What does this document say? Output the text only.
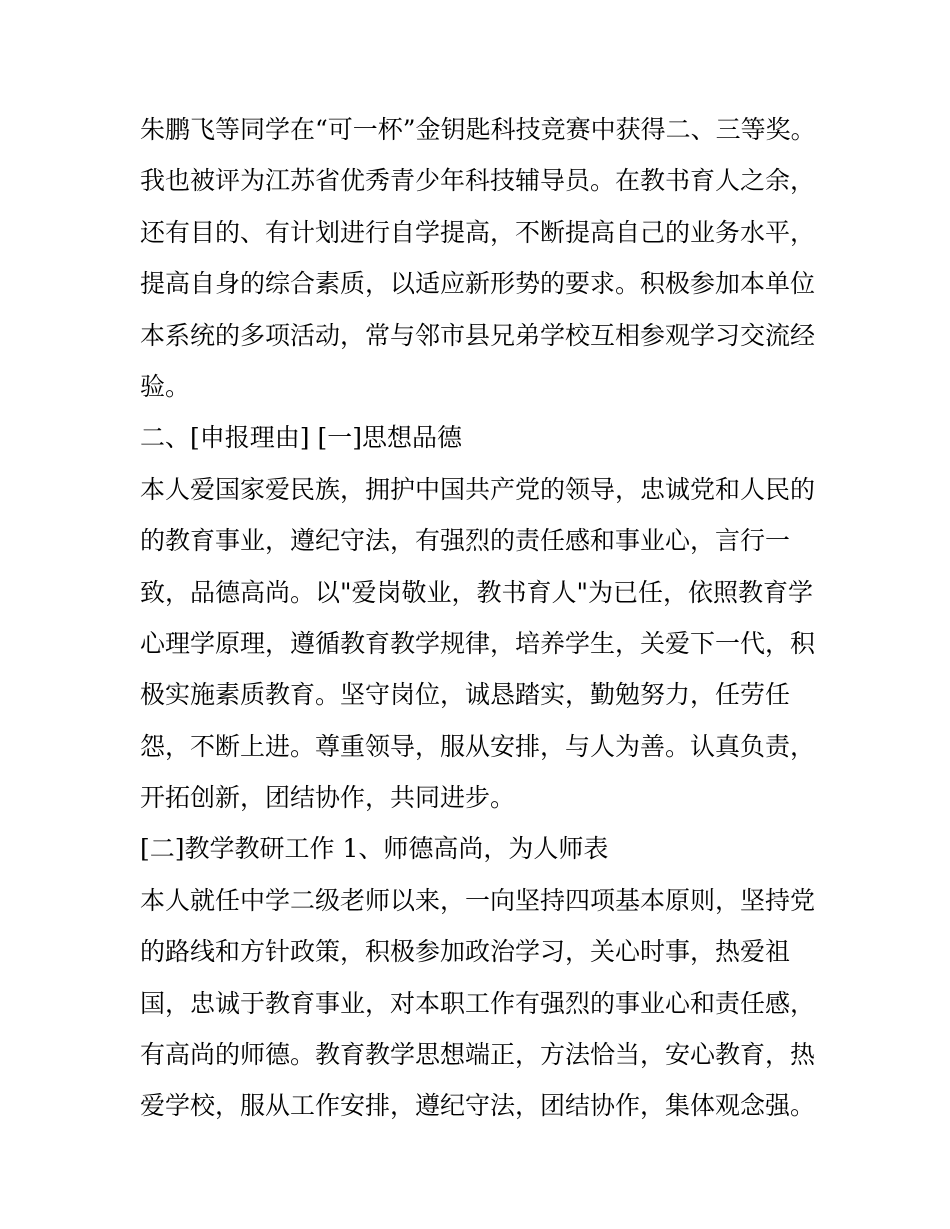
朱鹏飞等同学在“可一杯”金钥匙科技竞赛中获得二、三等奖。
我也被评为江苏省优秀青少年科技辅导员。在教书育人之余，
还有目的、有计划进行自学提高，不断提高自己的业务水平，
提高自身的综合素质，以适应新形势的要求。积极参加本单位
本系统的多项活动，常与邻市县兄弟学校互相参观学习交流经
验。
二、[申报理由] [一]思想品德
本人爱国家爱民族，拥护中国共产党的领导，忠诚党和人民的
的教育事业，遵纪守法，有强烈的责任感和事业心，言行一
致，品德高尚。以"爱岗敬业，教书育人"为已任，依照教育学
心理学原理，遵循教育教学规律，培养学生，关爱下一代，积
极实施素质教育。坚守岗位，诚恳踏实，勤勉努力，任劳任
怨，不断上进。尊重领导，服从安排，与人为善。认真负责，
开拓创新，团结协作，共同进步。
[二]教学教研工作 1、师德高尚，为人师表
本人就任中学二级老师以来，一向坚持四项基本原则，坚持党
的路线和方针政策，积极参加政治学习，关心时事，热爱祖
国，忠诚于教育事业，对本职工作有强烈的事业心和责任感，
有高尚的师德。教育教学思想端正，方法恰当，安心教育，热
爱学校，服从工作安排，遵纪守法，团结协作，集体观念强。
